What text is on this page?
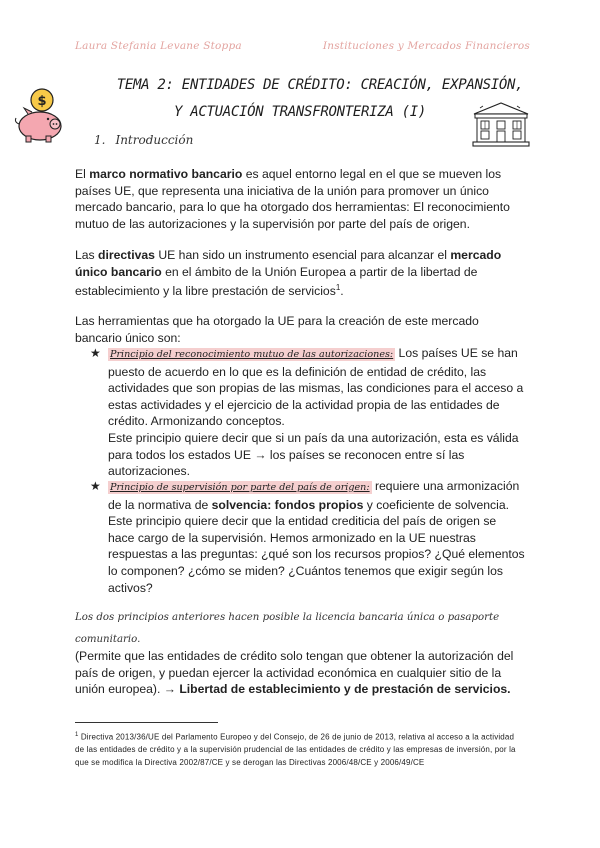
Laura Stefania Levane Stoppa	Instituciones y Mercados Financieros
$
TEMA 2: ENTIDADES DE CRÉDITO: CREACIÓN, EXPANSIÓN,
Y ACTUACIÓN TRANSFRONTERIZA (I)
1. Introducción
El marco normativo bancario es aquel entorno legal en el que se mueven los países UE, que representa una iniciativa de la unión para promover un único mercado bancario, para lo que ha otorgado dos herramientas: El reconocimiento mutuo de las autorizaciones y la supervisión por parte del país de origen.
Las directivas UE han sido un instrumento esencial para alcanzar el mercado único bancario en el ámbito de la Unión Europea a partir de la libertad de establecimiento y la libre prestación de servicios$^1$.
Las herramientas que ha otorgado la UE para la creación de este mercado bancario único son:
★ Principio del reconocimiento mutuo de las autorizaciones: Los países UE se han puesto de acuerdo en lo que es la definición de entidad de crédito, las actividades que son propias de las mismas, las condiciones para el acceso a estas actividades y el ejercicio de la actividad propia de las entidades de crédito. Armonizando conceptos.
Este principio quiere decir que si un país da una autorización, esta es válida para todos los estados UE → los países se reconocen entre sí las autorizaciones.
★ Principio de supervisión por parte del país de origen: requiere una armonización de la normativa de solvencia: fondos propios y coeficiente de solvencia. Este principio quiere decir que la entidad crediticia del país de origen se hace cargo de la supervisión. Hemos armonizado en la UE nuestras respuestas a las preguntas: ¿qué son los recursos propios? ¿Qué elementos lo componen? ¿cómo se miden? ¿Cuántos tenemos que exigir según los activos?
Los dos principios anteriores hacen posible la licencia bancaria única o pasaporte comunitario.
(Permite que las entidades de crédito solo tengan que obtener la autorización del país de origen, y puedan ejercer la actividad económica en cualquier sitio de la unión europea). → Libertad de establecimiento y de prestación de servicios.
$^1$ Directiva 2013/36/UE del Parlamento Europeo y del Consejo, de 26 de junio de 2013, relativa al acceso a la actividad de las entidades de crédito y a la supervisión prudencial de las entidades de crédito y las empresas de inversión, por la que se modifica la Directiva 2002/87/CE y se derogan las Directivas 2006/48/CE y 2006/49/CE
